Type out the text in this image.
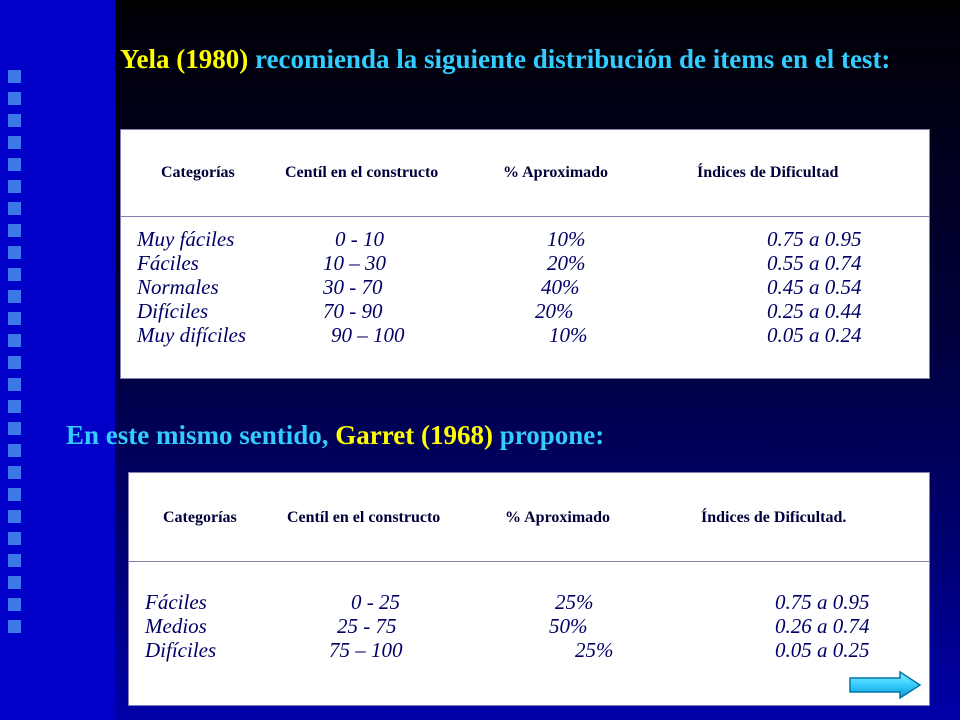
Yela (1980) recomienda la siguiente distribución de items en el test:
Categorías	Centíl en el constructo	% Aproximado	Índices de Dificultad
Muy fáciles	0 - 10	10%	0.75 a 0.95
Fáciles	10 – 30	20%	0.55 a 0.74
Normales	30 - 70	40%	0.45 a 0.54
Difíciles	70 - 90	20%	0.25 a 0.44
Muy difíciles	90 – 100	10%	0.05 a 0.24
En este mismo sentido, Garret (1968) propone:
Categorías	Centíl en el constructo	% Aproximado	Índices de Dificultad.
Fáciles	0 - 25	25%	0.75 a 0.95
Medios	25 - 75	50%	0.26 a 0.74
Difíciles	75 – 100	25%	0.05 a 0.25
